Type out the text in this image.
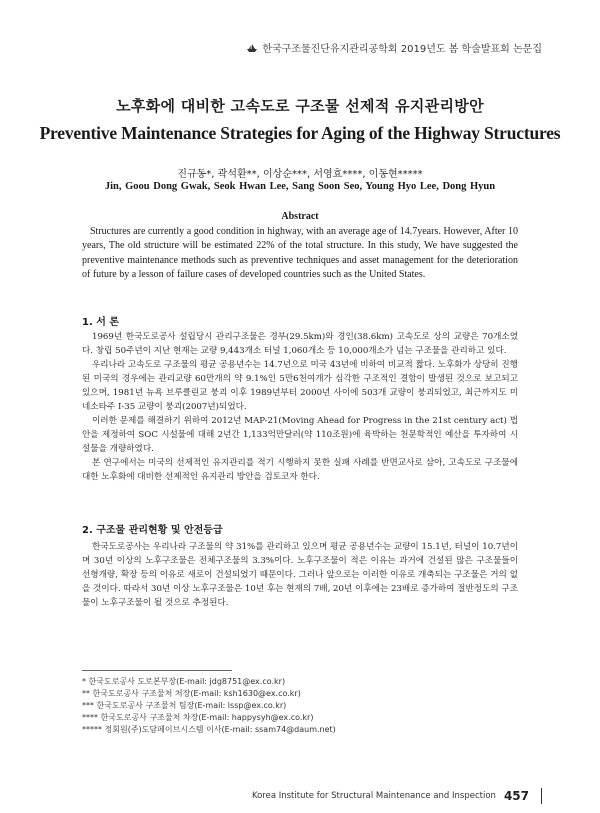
한국구조물진단유지관리공학회 2019년도 봄 학술발표회 논문집
노후화에 대비한 고속도로 구조물 선제적 유지관리방안
Preventive Maintenance Strategies for Aging of the Highway Structures
진규동*, 곽석환**, 이상순***, 서영효****, 이동현*****
Jin, Goou Dong Gwak, Seok Hwan Lee, Sang Soon Seo, Young Hyo Lee, Dong Hyun
Abstract
Structures are currently a good condition in highway, with an average age of 14.7years. However, After 10 years, The old structure will be estimated 22% of the total structure. In this study, We have suggested the preventive maintenance methods such as preventive techniques and asset management for the deterioration of future by a lesson of failure cases of developed countries such as the United States.
1. 서 론

1969년 한국도로공사 설립당시 관리구조물은 경부(29.5km)와 경인(38.6km) 고속도로 상의 교량은 70개소였다. 창립 50주년이 지난 현재는 교량 9,443개소 터널 1,060개소 등 10,000개소가 넘는 구조물을 관리하고 있다.

우리나라 고속도로 구조물의 평균 공용년수는 14.7년으로 미국 43년에 비하여 비교적 짧다. 노후화가 상당히 진행된 미국의 경우에는 관리교량 60만개의 약 9.1%인 5만6천여개가 심각한 구조적인 결함이 발생된 것으로 보고되고 있으며, 1981년 뉴욕 브루클린교 붕괴 이후 1989년부터 2000년 사이에 503개 교량이 붕괴되었고, 최근까지도 미네소타주 I-35 교량이 붕괴(2007년)되었다.

이러한 문제를 해결하기 위하여 2012년 MAP-21(Moving Ahead for Progress in the 21st century act) 법안을 제정하여 SOC 시설물에 대해 2년간 1,133억만달러(약 110조원)에 육박하는 천문학적인 예산을 투자하여 시설물을 개량하였다.

본 연구에서는 미국의 선제적인 유지관리를 적기 시행하지 못한 실패 사례를 반면교사로 삼아, 고속도로 구조물에 대한 노후화에 대비한 선제적인 유지관리 방안을 검토코자 한다.

2. 구조물 관리현황 및 안전등급

한국도로공사는 우리나라 구조물의 약 31%를 관리하고 있으며 평균 공용년수는 교량이 15.1년, 터널이 10.7년이며 30년 이상의 노후구조물은 전체구조물의 3.3%이다. 노후구조물이 적은 이유는 과거에 건설된 많은 구조물들이 선형개량, 확장 등의 이유로 새로이 건설되었기 때문이다. 그러나 앞으로는 이러한 이유로 개축되는 구조물은 거의 없을 것이다. 따라서 30년 이상 노후구조물은 10년 후는 현재의 7배, 20년 이후에는 23배로 증가하여 절반정도의 구조물이 노후구조물이 될 것으로 추정된다.

* 한국도로공사 도로본부장(E-mail: jdg8751@ex.co.kr)
** 한국도로공사 구조물처 처장(E-mail: ksh1630@ex.co.kr)
*** 한국도로공사 구조물처 팀장(E-mail: lssp@ex.co.kr)
**** 한국도로공사 구조물처 차장(E-mail: happysyh@ex.co.kr)
***** 정회원(주)도담페이브시스템 이사(E-mail: ssam74@daum.net)
Korea Institute for Structural Maintenance and Inspection 457
